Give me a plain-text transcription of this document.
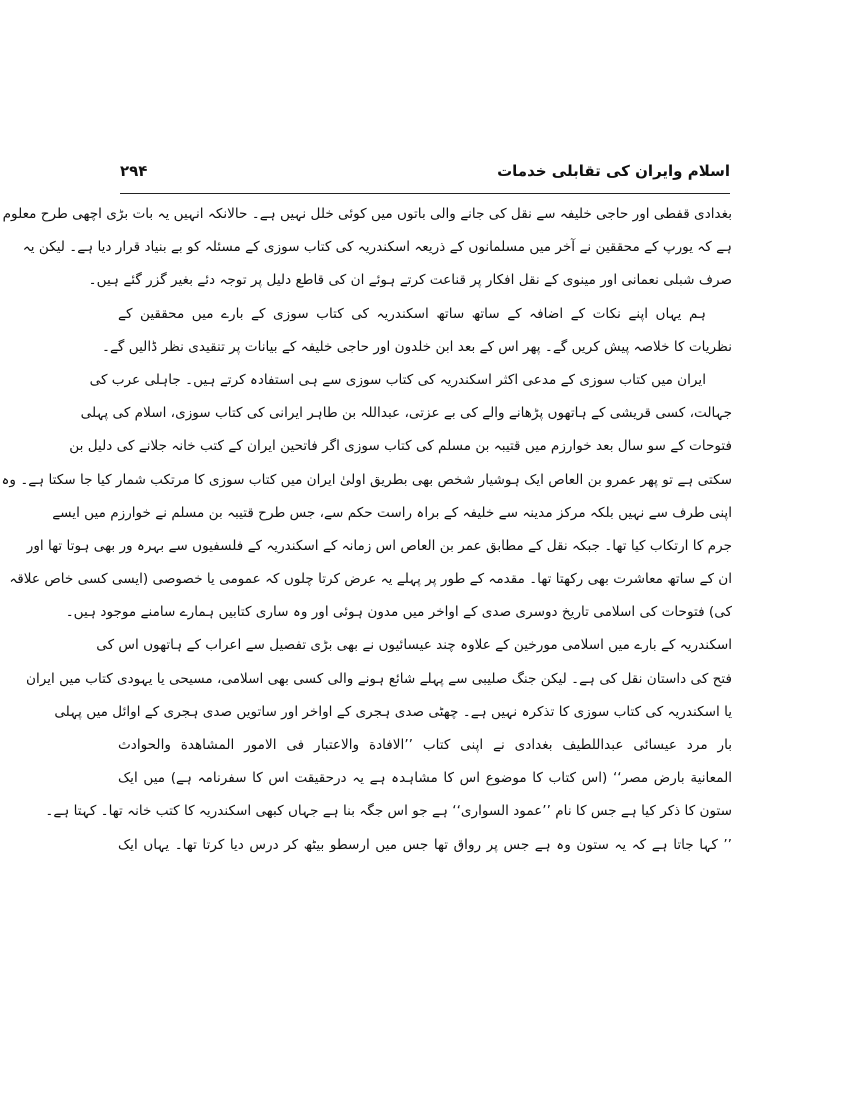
اسلام وایران کی تقابلی خدمات
۲۹۴
بغدادی قفطی اور حاجی خلیفہ سے نقل کی جانے والی باتوں میں کوئی خلل نہیں ہے۔ حالانکہ انہیں یہ بات بڑی اچھی طرح معلوم
ہے کہ یورپ کے محققین نے آخر میں مسلمانوں کے ذریعہ اسکندریہ کی کتاب سوزی کے مسئلہ کو بے بنیاد قرار دیا ہے۔ لیکن یہ
صرف شبلی نعمانی اور مینوی کے نقل افکار پر قناعت کرتے ہوئے ان کی قاطع دلیل پر توجہ دئے بغیر گزر گئے ہیں۔
ہم یہاں اپنے نکات کے اضافہ کے ساتھ ساتھ اسکندریہ کی کتاب سوزی کے بارے میں محققین کے
نظریات کا خلاصہ پیش کریں گے۔ پھر اس کے بعد ابن خلدون اور حاجی خلیفہ کے بیانات پر تنقیدی نظر ڈالیں گے۔
ایران میں کتاب سوزی کے مدعی اکثر اسکندریہ کی کتاب سوزی سے ہی استفادہ کرتے ہیں۔ جاہلی عرب کی
جہالت، کسی قریشی کے ہاتھوں پڑھانے والے کی بے عزتی، عبداللہ بن طاہر ایرانی کی کتاب سوزی، اسلام کی پہلی
فتوحات کے سو سال بعد خوارزم میں قتیبہ بن مسلم کی کتاب سوزی اگر فاتحین ایران کے کتب خانہ جلانے کی دلیل بن
سکتی ہے تو پھر عمرو بن العاص ایک ہوشیار شخص بھی بطریق اولیٰ ایران میں کتاب سوزی کا مرتکب شمار کیا جا سکتا ہے۔ وہ
اپنی طرف سے نہیں بلکہ مرکز مدینہ سے خلیفہ کے براہ راست حکم سے، جس طرح قتیبہ بن مسلم نے خوارزم میں ایسے
جرم کا ارتکاب کیا تھا۔ جبکہ نقل کے مطابق عمر بن العاص اس زمانہ کے اسکندریہ کے فلسفیوں سے بہرہ ور بھی ہوتا تھا اور
ان کے ساتھ معاشرت بھی رکھتا تھا۔ مقدمہ کے طور پر پہلے یہ عرض کرتا چلوں کہ عمومی یا خصوصی (ایسی کسی خاص علاقہ
کی) فتوحات کی اسلامی تاریخ دوسری صدی کے اواخر میں مدون ہوئی اور وہ ساری کتابیں ہمارے سامنے موجود ہیں۔
اسکندریہ کے بارے میں اسلامی مورخین کے علاوہ چند عیسائیوں نے بھی بڑی تفصیل سے اعراب کے ہاتھوں اس کی
فتح کی داستان نقل کی ہے۔ لیکن جنگ صلیبی سے پہلے شائع ہونے والی کسی بھی اسلامی، مسیحی یا یہودی کتاب میں ایران
یا اسکندریہ کی کتاب سوزی کا تذکرہ نہیں ہے۔ چھٹی صدی ہجری کے اواخر اور ساتویں صدی ہجری کے اوائل میں پہلی
بار مرد عیسائی عبداللطیف بغدادی نے اپنی کتاب ’’الافادة والاعتبار فی الامور المشاهدة والحوادث
المعانية بارض مصر‘‘ (اس کتاب کا موضوع اس کا مشاہدہ ہے یہ درحقیقت اس کا سفرنامہ ہے) میں ایک
ستون کا ذکر کیا ہے جس کا نام ’’عمود السواری‘‘ ہے جو اس جگہ بنا ہے جہاں کبھی اسکندریہ کا کتب خانہ تھا۔ کہتا ہے۔
’’ کہا جاتا ہے کہ یہ ستون وہ ہے جس پر رواق تھا جس میں ارسطو بیٹھ کر درس دیا کرتا تھا۔ یہاں ایک
